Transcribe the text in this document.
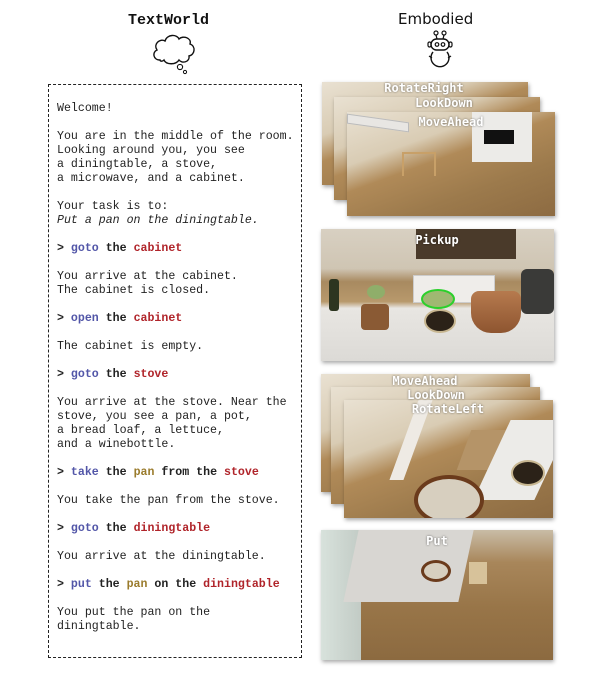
TextWorld	Embodied
Welcome!
You are in the middle of the room.
Looking around you, you see
a diningtable, a stove,
a microwave, and a cabinet.
Your task is to:
Put a pan on the diningtable.
> goto the cabinet
You arrive at the cabinet.
The cabinet is closed.
> open the cabinet
The cabinet is empty.
> goto the stove
You arrive at the stove. Near the
stove, you see a pan, a pot,
a bread loaf, a lettuce,
and a winebottle.
> take the pan from the stove
You take the pan from the stove.
> goto the diningtable
You arrive at the diningtable.
> put the pan on the diningtable
You put the pan on the
diningtable.
RotateRight
LookDown
MoveAhead
Pickup
MoveAhead
LookDown
RotateLeft
Put
